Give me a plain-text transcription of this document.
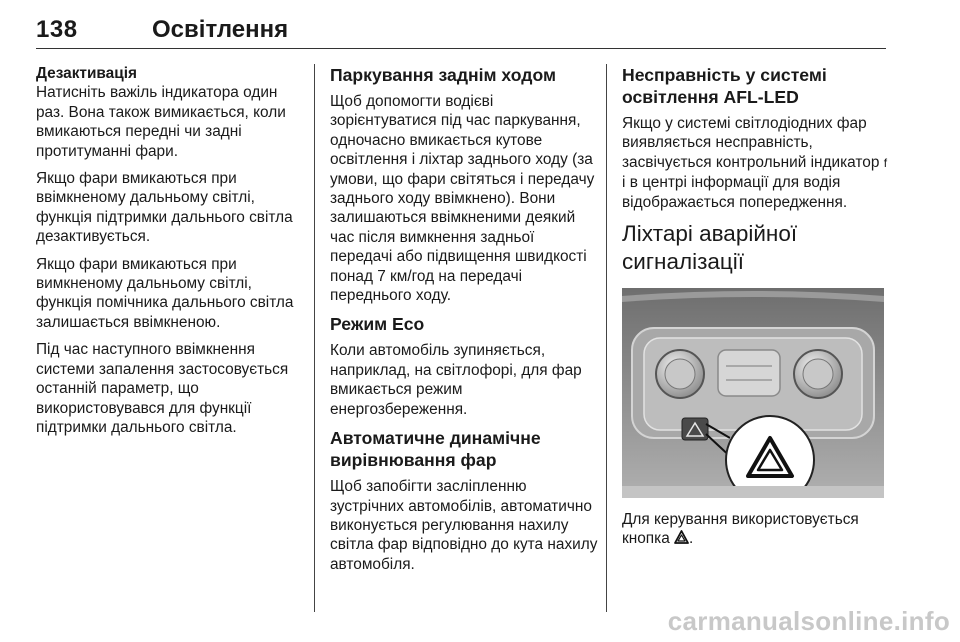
138	Освітлення
Дезактивація

Натисніть важіль індикатора один раз. Вона також вимикається, коли вмикаються передні чи задні протитуманні фари.

Якщо фари вмикаються при ввімкненому дальньому світлі, функція підтримки дальнього світла дезактивується.

Якщо фари вмикаються при вимкненому дальньому світлі, функція помічника дальнього світла залишається ввімкненою.

Під час наступного ввімкнення системи запалення застосовується останній параметр, що використовувався для функції підтримки дальнього світла.

Паркування заднім ходом

Щоб допомогти водієві зорієнтуватися під час паркування, одночасно вмикається кутове освітлення і ліхтар заднього ходу (за умови, що фари світяться і передачу заднього ходу ввімкнено). Вони залишаються ввімкненими деякий час після вимкнення задньої передачі або підвищення швидкості понад 7 км/год на передачі переднього ходу.

Режим Eco

Коли автомобіль зупиняється, наприклад, на світлофорі, для фар вмикається режим енергозбереження.

Автоматичне динамічне вирівнювання фар

Щоб запобігти засліпленню зустрічних автомобілів, автоматично виконується регулювання нахилу світла фар відповідно до кута нахилу автомобіля.

Несправність у системі освітлення AFL-LED

Якщо у системі світлодіодних фар виявляється несправність, засвічується контрольний індикатор f і в центрі інформації для водія відображається попередження.

Ліхтарі аварійної сигналізації

Для керування використовується кнопка .

carmanualsonline.info
